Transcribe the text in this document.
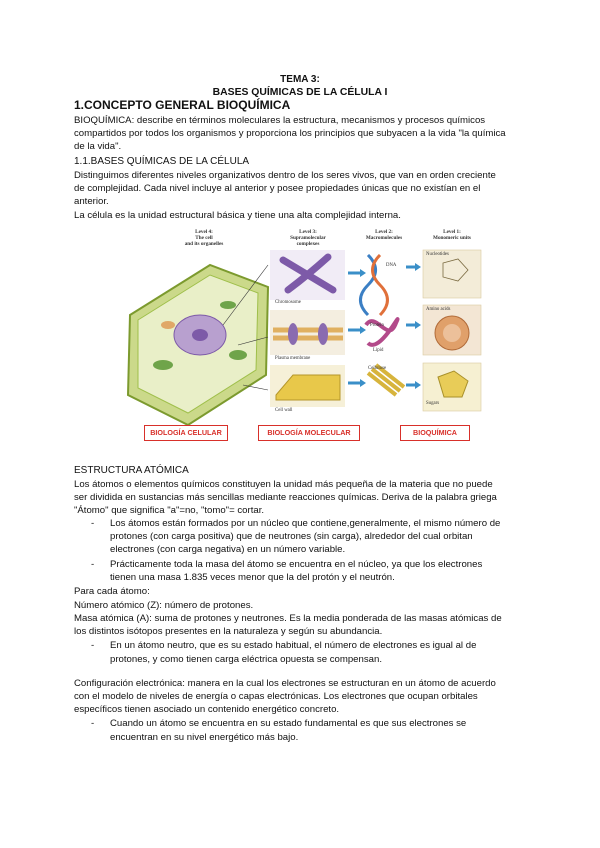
TEMA 3:
BASES QUÍMICAS DE LA CÉLULA I
1.CONCEPTO GENERAL BIOQUÍMICA
BIOQUÍMICA: describe en términos moleculares la estructura, mecanismos y procesos químicos
compartidos por todos los organismos y proporciona los principios que subyacen a la vida "la química
de la vida".
1.1.BASES QUÍMICAS DE LA CÉLULA
Distinguimos diferentes niveles organizativos dentro de los seres vivos, que van en orden creciente
de complejidad. Cada nivel incluye al anterior y posee propiedades únicas que no existían en el
anterior.
La célula es la unidad estructural básica y tiene una alta complejidad interna.
Level 4:
The cell
and its organelles
Level 3:
Supramolecular
complexes
Level 2:
Macromolecules
Level 1:
Monomeric units
Chromosome
Plasma membrane
Cell wall
DNA
Protein
Lipid
Cellulose
Nucleotides
Amino acids
Sugars
BIOLOGÍA CELULAR	BIOLOGÍA MOLECULAR	BIOQUÍMICA
ESTRUCTURA ATÓMICA
Los átomos o elementos químicos constituyen la unidad más pequeña de la materia que no puede
ser dividida en sustancias más sencillas mediante reacciones químicas. Deriva de la palabra griega
"Átomo" que significa "a"=no, "tomo"= cortar.
- Los átomos están formados por un núcleo que contiene,generalmente, el mismo número de
protones (con carga positiva) que de neutrones (sin carga), alrededor del cual orbitan
electrones (con carga negativa) en un número variable.
- Prácticamente toda la masa del átomo se encuentra en el núcleo, ya que los electrones
tienen una masa 1.835 veces menor que la del protón y el neutrón.
Para cada átomo:
Número atómico (Z): número de protones.
Masa atómica (A): suma de protones y neutrones. Es la media ponderada de las masas atómicas de
los distintos isótopos presentes en la naturaleza y según su abundancia.
- En un átomo neutro, que es su estado habitual, el número de electrones es igual al de
protones, y como tienen carga eléctrica opuesta se compensan.
Configuración electrónica: manera en la cual los electrones se estructuran en un átomo de acuerdo
con el modelo de niveles de energía o capas electrónicas. Los electrones que ocupan orbitales
específicos tienen asociado un contenido energético concreto.
- Cuando un átomo se encuentra en su estado fundamental es que sus electrones se
encuentran en su nivel energético más bajo.
